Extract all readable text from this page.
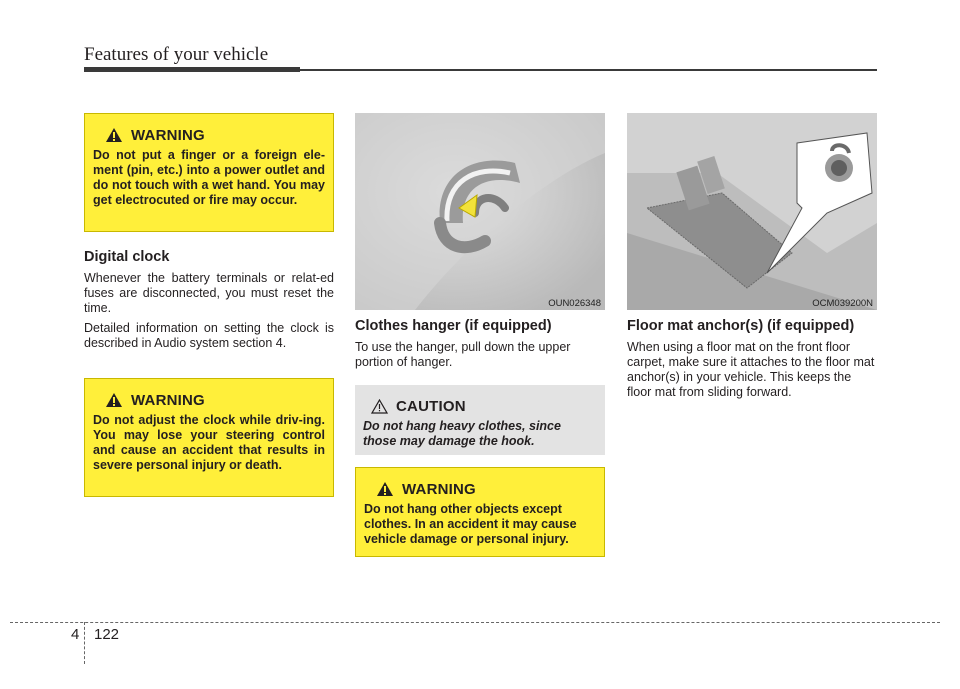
Features of your vehicle
WARNING
Do not put a finger or a foreign ele-ment (pin, etc.) into a power outlet and do not touch with a wet hand. You may get electrocuted or fire may occur.
Digital clock

Whenever the battery terminals or relat-ed fuses are disconnected, you must reset the time.

Detailed information on setting the clock is described in Audio system section 4.

WARNING
Do not adjust the clock while driv-ing. You may lose your steering control and cause an accident that results in severe personal injury or death.
OUN026348
Clothes hanger (if equipped)

To use the hanger, pull down the upper portion of hanger.

CAUTION
Do not hang heavy clothes, since those may damage the hook.
WARNING
Do not hang other objects except clothes. In an accident it may cause vehicle damage or personal injury.
OCM039200N
Floor mat anchor(s) (if equipped)

When using a floor mat on the front floor carpet, make sure it attaches to the floor mat anchor(s) in your vehicle. This keeps the floor mat from sliding forward.

4 122
